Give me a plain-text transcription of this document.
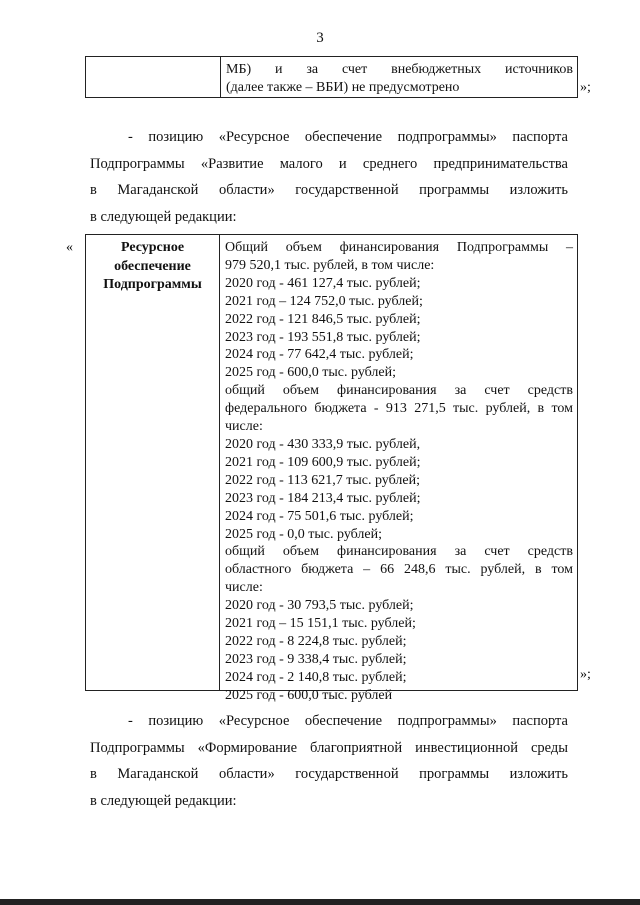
3
МБ) и за счет внебюджетных источников
(далее также – ВБИ) не предусмотрено	»;
- позицию «Ресурсное обеспечение подпрограммы» паспорта
Подпрограммы «Развитие малого и среднего предпринимательства
в Магаданской области» государственной программы изложить
в следующей редакции:
«	Ресурсное
обеспечение
Подпрограммы
Общий объем финансирования Подпрограммы –
979 520,1 тыс. рублей, в том числе:
2020 год - 461 127,4 тыс. рублей;
2021 год – 124 752,0 тыс. рублей;
2022 год - 121 846,5 тыс. рублей;
2023 год - 193 551,8 тыс. рублей;
2024 год - 77 642,4 тыс. рублей;
2025 год - 600,0 тыс. рублей;
общий объем финансирования за счет средств
федерального бюджета - 913 271,5 тыс. рублей, в том
числе:
2020 год - 430 333,9 тыс. рублей,
2021 год - 109 600,9 тыс. рублей;
2022 год - 113 621,7 тыс. рублей;
2023 год - 184 213,4 тыс. рублей;
2024 год - 75 501,6 тыс. рублей;
2025 год - 0,0 тыс. рублей;
общий объем финансирования за счет средств
областного бюджета – 66 248,6 тыс. рублей, в том
числе:
2020 год - 30 793,5 тыс. рублей;
2021 год – 15 151,1 тыс. рублей;
2022 год - 8 224,8 тыс. рублей;
2023 год - 9 338,4 тыс. рублей;
2024 год - 2 140,8 тыс. рублей;
2025 год - 600,0 тыс. рублей
»;
- позицию «Ресурсное обеспечение подпрограммы» паспорта
Подпрограммы «Формирование благоприятной инвестиционной среды
в Магаданской области» государственной программы изложить
в следующей редакции:
